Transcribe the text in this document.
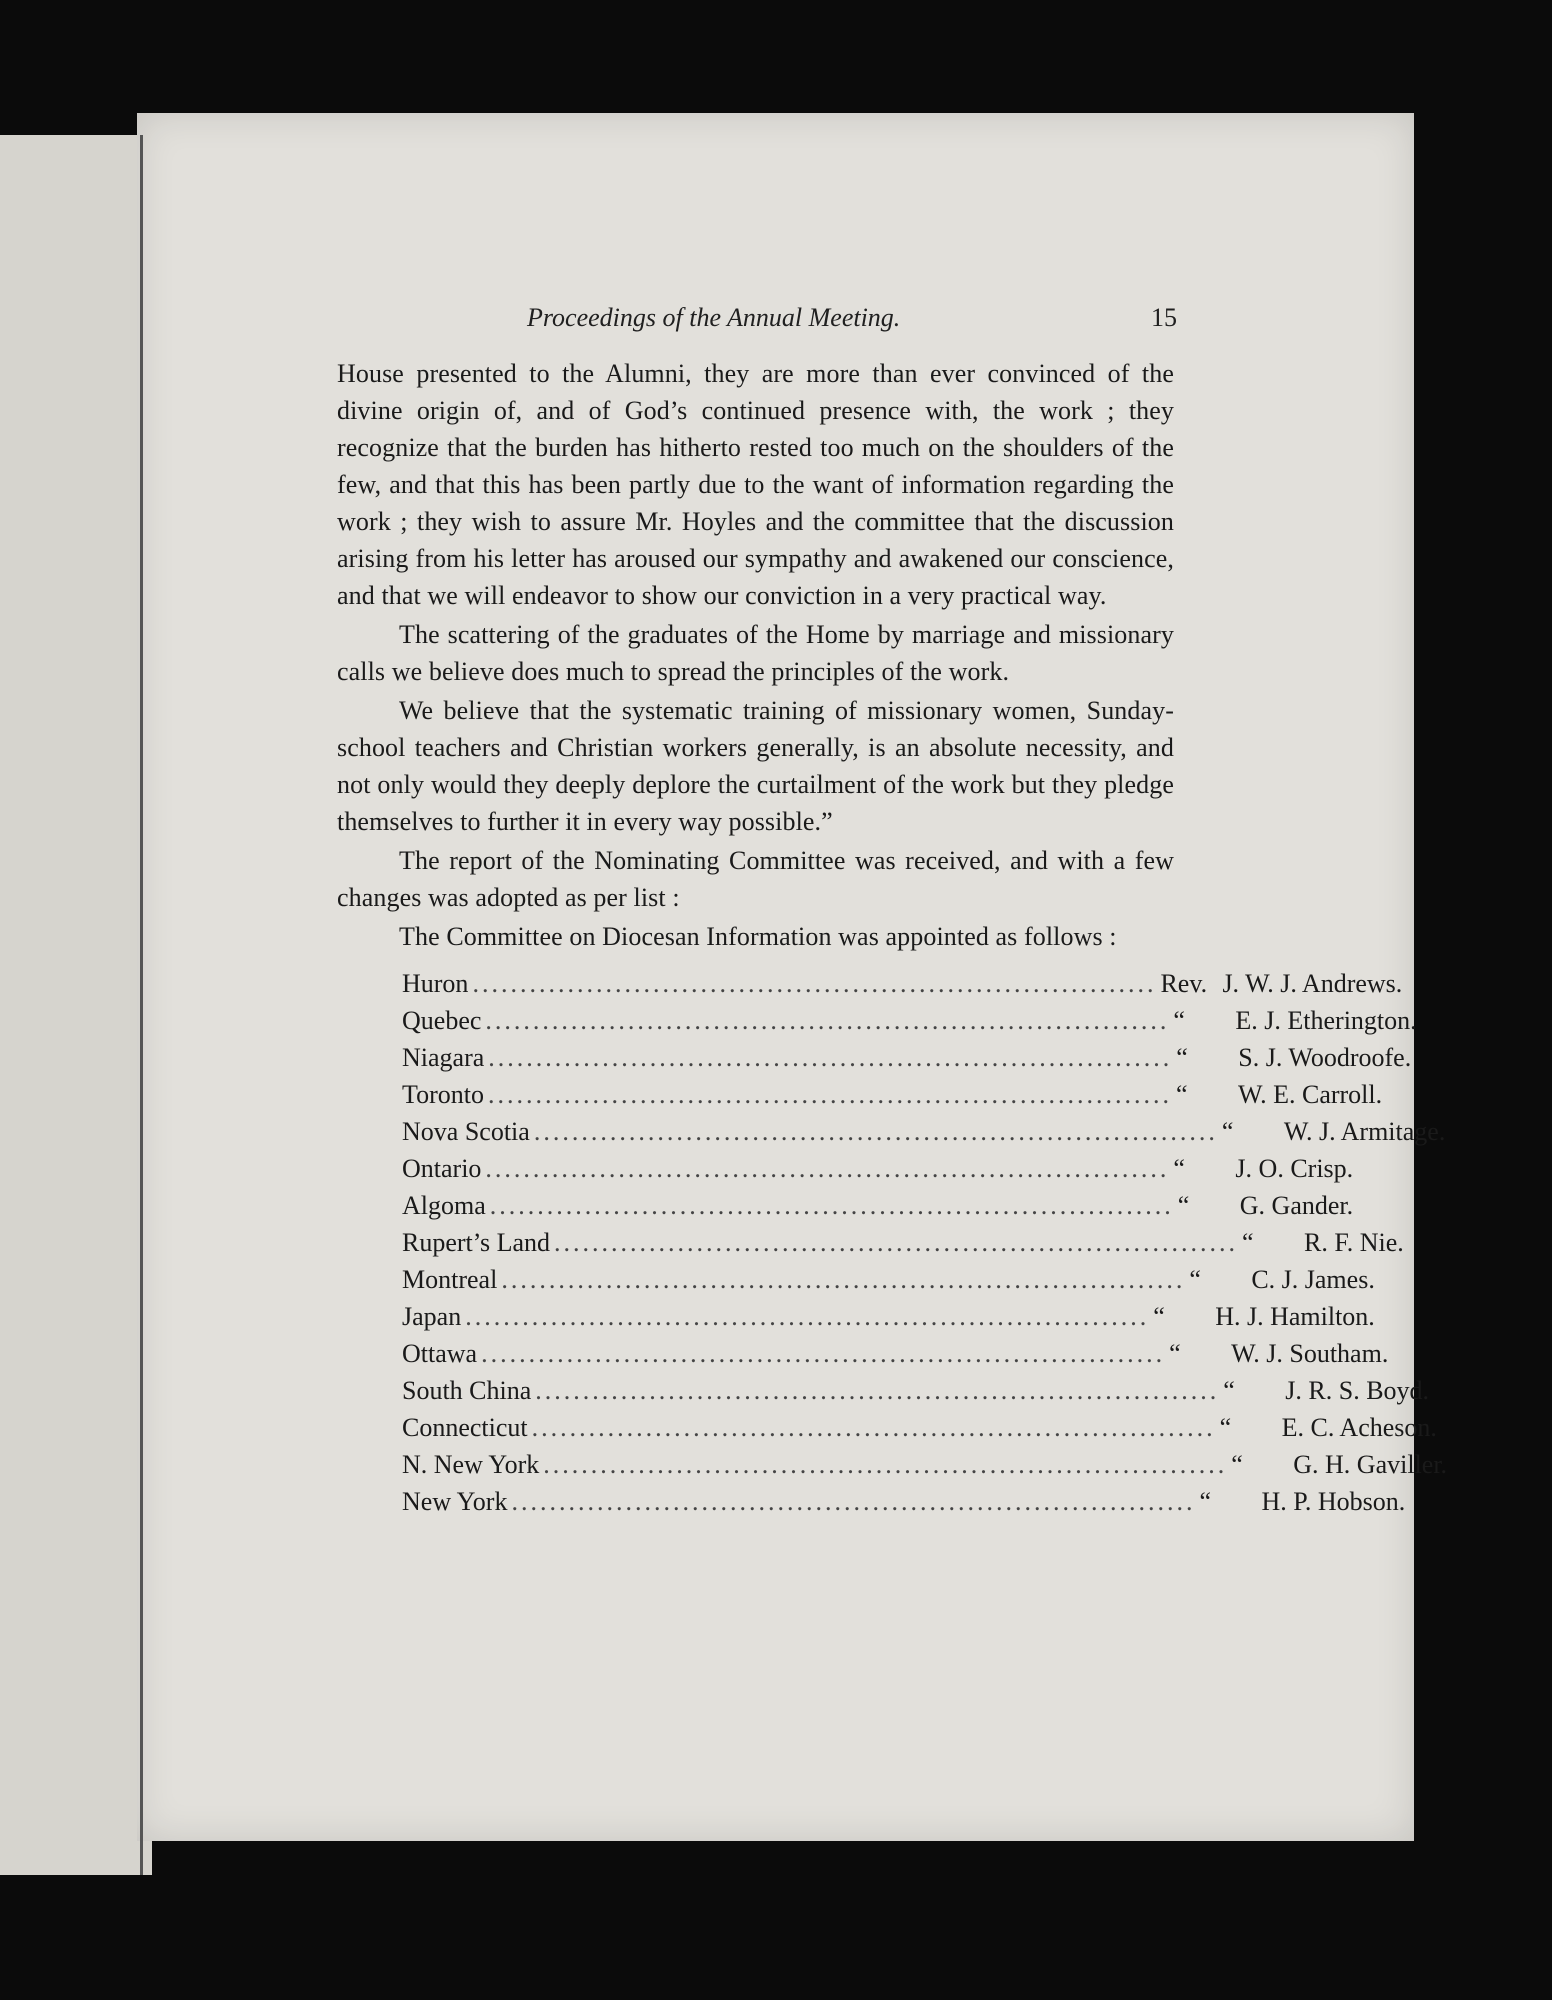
Proceedings of the Annual Meeting.	15

House presented to the Alumni, they are more than ever convinced of the divine origin of, and of God’s continued presence with, the work ; they recognize that the burden has hitherto rested too much on the shoulders of the few, and that this has been partly due to the want of information regarding the work ; they wish to assure Mr. Hoyles and the committee that the discussion arising from his letter has aroused our sympathy and awakened our conscience, and that we will endeavor to show our conviction in a very practical way.

The scattering of the graduates of the Home by marriage and missionary calls we believe does much to spread the principles of the work.

We believe that the systematic training of missionary women, Sunday-school teachers and Christian workers generally, is an absolute necessity, and not only would they deeply deplore the curtailment of the work but they pledge themselves to further it in every way possible.”

The report of the Nominating Committee was received, and with a few changes was adopted as per list :

The Committee on Diocesan Information was appointed as follows :

Huron ........................................................................ Rev. J. W. J. Andrews.
Quebec ........................................................................ “	E. J. Etherington.
Niagara ........................................................................ “	S. J. Woodroofe.
Toronto ........................................................................ “	W. E. Carroll.
Nova Scotia ........................................................................ “	W. J. Armitage.
Ontario ........................................................................ “	J. O. Crisp.
Algoma ........................................................................ “	G. Gander.
Rupert’s Land ........................................................................ “	R. F. Nie.
Montreal ........................................................................ “	C. J. James.
Japan ........................................................................ “	H. J. Hamilton.
Ottawa ........................................................................ “	W. J. Southam.
South China ........................................................................ “	J. R. S. Boyd.
Connecticut ........................................................................ “	E. C. Acheson.
N. New York ........................................................................ “	G. H. Gaviller.
New York ........................................................................ “	H. P. Hobson.
